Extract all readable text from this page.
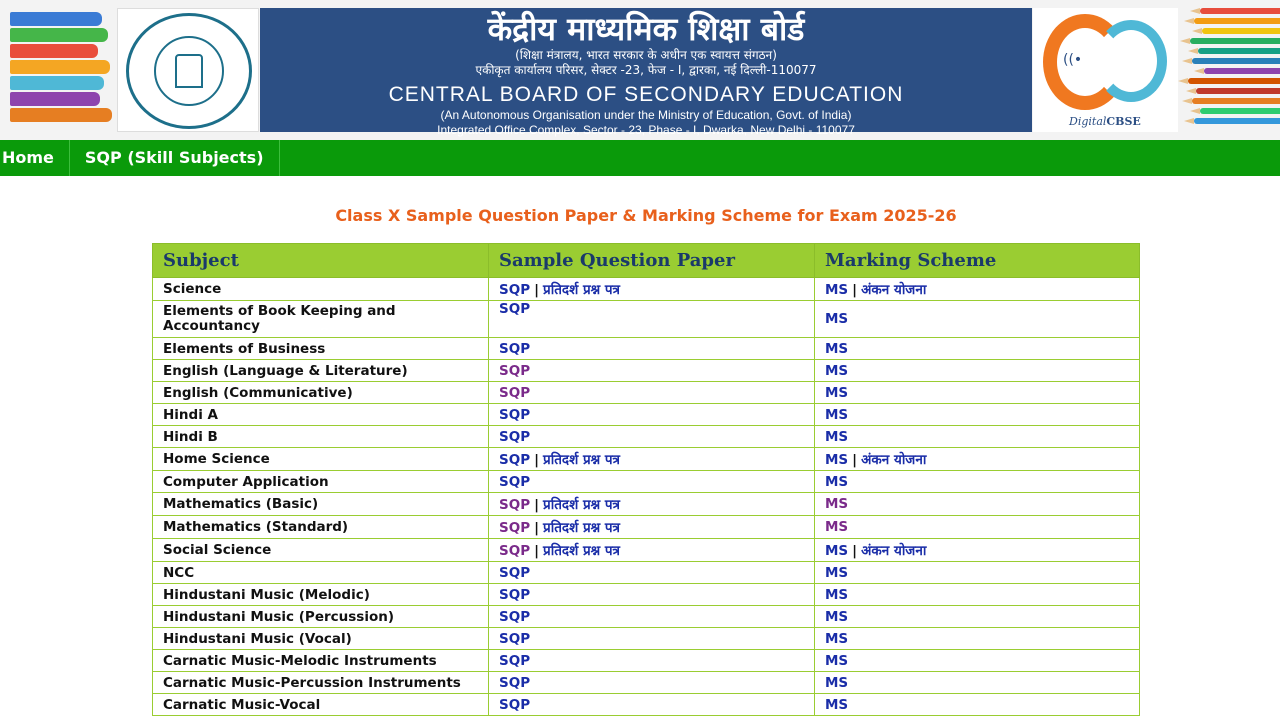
केंद्रीय माध्यमिक शिक्षा बोर्ड
(शिक्षा मंत्रालय, भारत सरकार के अधीन एक स्वायत्त संगठन)
एकीकृत कार्यालय परिसर, सेक्टर -23, फेज - I, द्वारका, नई दिल्ली-110077
CENTRAL BOARD OF SECONDARY EDUCATION
(An Autonomous Organisation under the Ministry of Education, Govt. of India)
Integrated Office Complex, Sector - 23, Phase - I, Dwarka, New Delhi - 110077
((•
DigitalCBSE
Home	SQP (Skill Subjects)
Class X Sample Question Paper & Marking Scheme for Exam 2025-26
Subject	Sample Question Paper	Marking Scheme
Science	SQP | प्रतिदर्श प्रश्न पत्र	MS | अंकन योजना
Elements of Book Keeping and Accountancy	SQP	MS
Elements of Business	SQP	MS
English (Language & Literature)	SQP	MS
English (Communicative)	SQP	MS
Hindi A	SQP	MS
Hindi B	SQP	MS
Home Science	SQP | प्रतिदर्श प्रश्न पत्र	MS | अंकन योजना
Computer Application	SQP	MS
Mathematics (Basic)	SQP | प्रतिदर्श प्रश्न पत्र	MS
Mathematics (Standard)	SQP | प्रतिदर्श प्रश्न पत्र	MS
Social Science	SQP | प्रतिदर्श प्रश्न पत्र	MS | अंकन योजना
NCC	SQP	MS
Hindustani Music (Melodic)	SQP	MS
Hindustani Music (Percussion)	SQP	MS
Hindustani Music (Vocal)	SQP	MS
Carnatic Music-Melodic Instruments	SQP	MS
Carnatic Music-Percussion Instruments	SQP	MS
Carnatic Music-Vocal	SQP	MS
